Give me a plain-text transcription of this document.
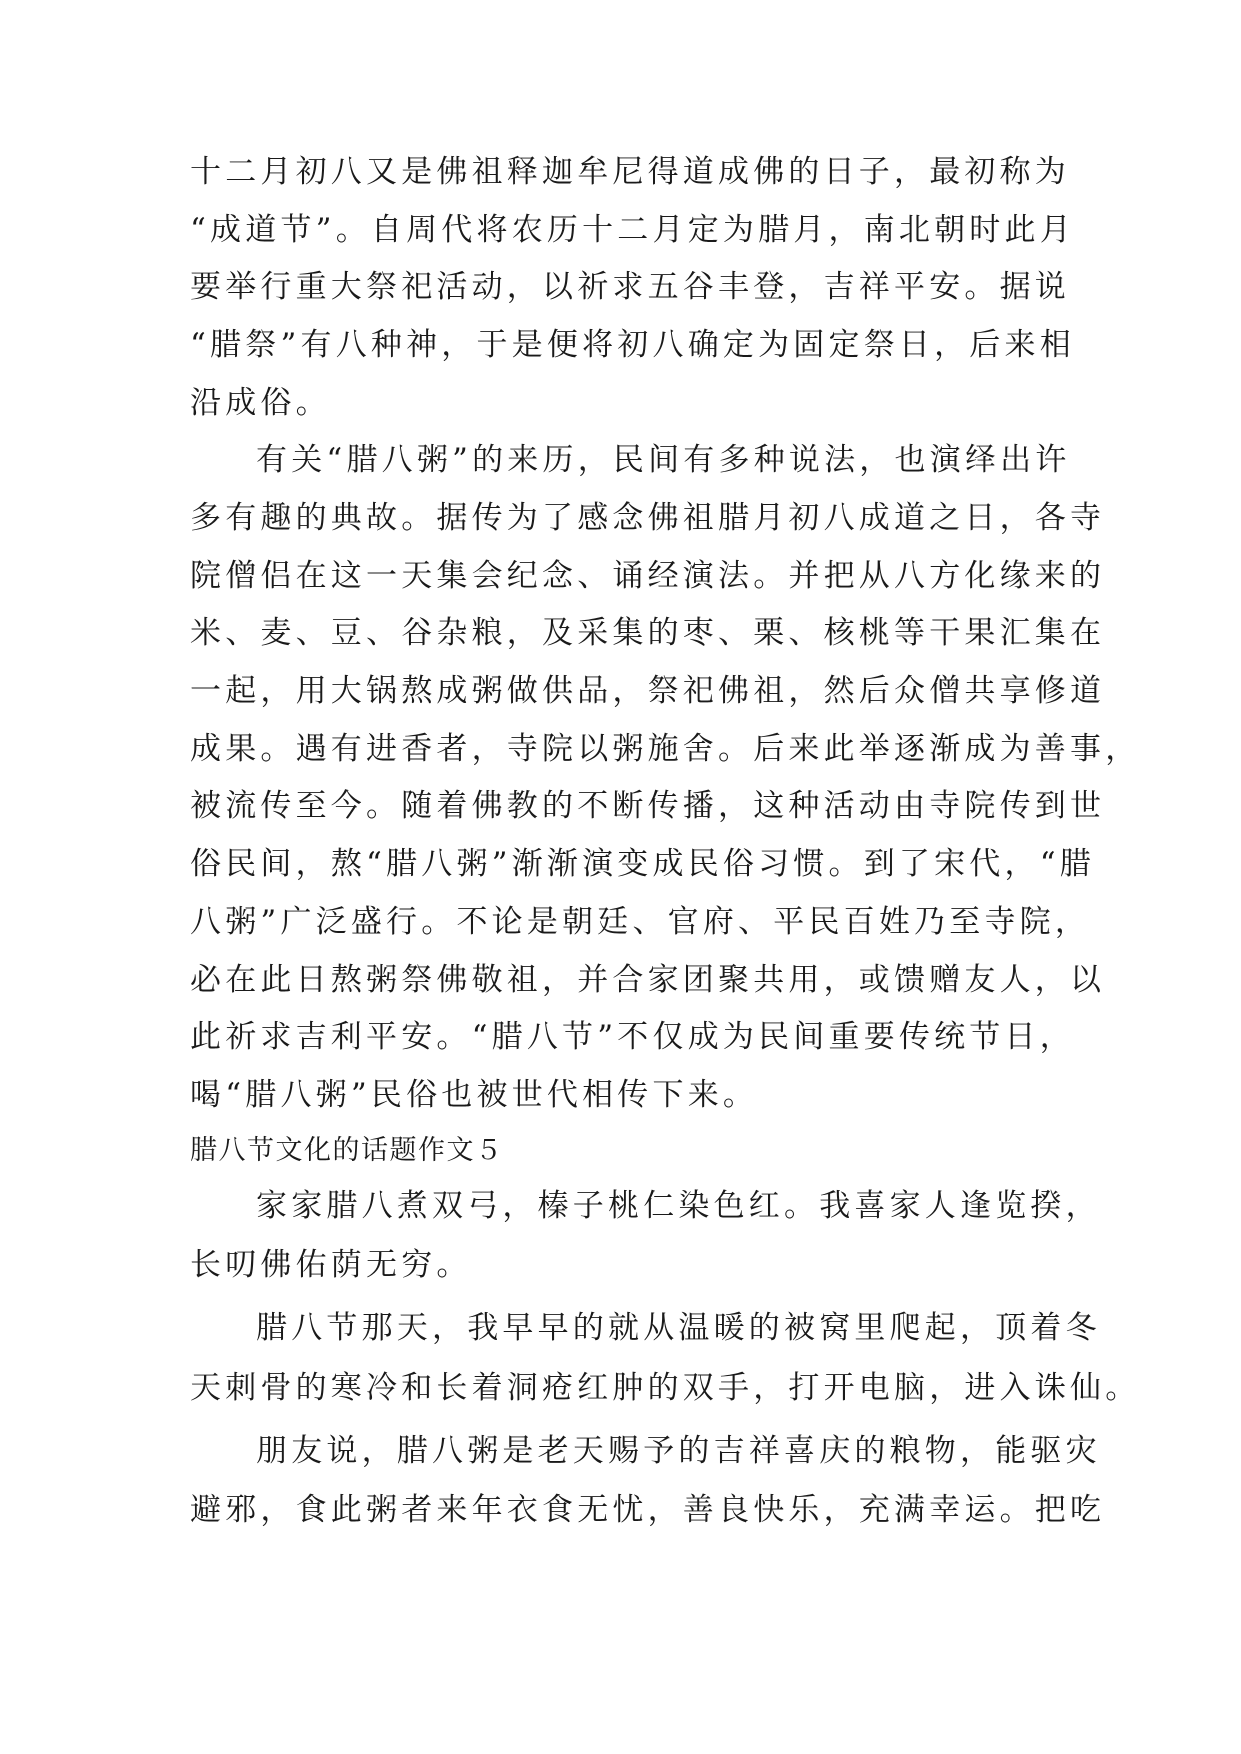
十二月初八又是佛祖释迦牟尼得道成佛的日子，最初称为
“成道节”。自周代将农历十二月定为腊月，南北朝时此月
要举行重大祭祀活动，以祈求五谷丰登，吉祥平安。据说
“腊祭”有八种神，于是便将初八确定为固定祭日，后来相
沿成俗。
有关“腊八粥”的来历，民间有多种说法，也演绎出许
多有趣的典故。据传为了感念佛祖腊月初八成道之日，各寺
院僧侣在这一天集会纪念、诵经演法。并把从八方化缘来的
米、麦、豆、谷杂粮，及采集的枣、栗、核桃等干果汇集在
一起，用大锅熬成粥做供品，祭祀佛祖，然后众僧共享修道
成果。遇有进香者，寺院以粥施舍。后来此举逐渐成为善事，
被流传至今。随着佛教的不断传播，这种活动由寺院传到世
俗民间，熬“腊八粥”渐渐演变成民俗习惯。到了宋代，“腊
八粥”广泛盛行。不论是朝廷、官府、平民百姓乃至寺院，
必在此日熬粥祭佛敬祖，并合家团聚共用，或馈赠友人，以
此祈求吉利平安。“腊八节”不仅成为民间重要传统节日，
喝“腊八粥”民俗也被世代相传下来。
腊八节文化的话题作文５
家家腊八煮双弓，榛子桃仁染色红。我喜家人逢览揆，
长叨佛佑荫无穷。
腊八节那天，我早早的就从温暖的被窝里爬起，顶着冬
天刺骨的寒冷和长着洞疮红肿的双手，打开电脑，进入诛仙。
朋友说，腊八粥是老天赐予的吉祥喜庆的粮物，能驱灾
避邪，食此粥者来年衣食无忧，善良快乐，充满幸运。把吃
